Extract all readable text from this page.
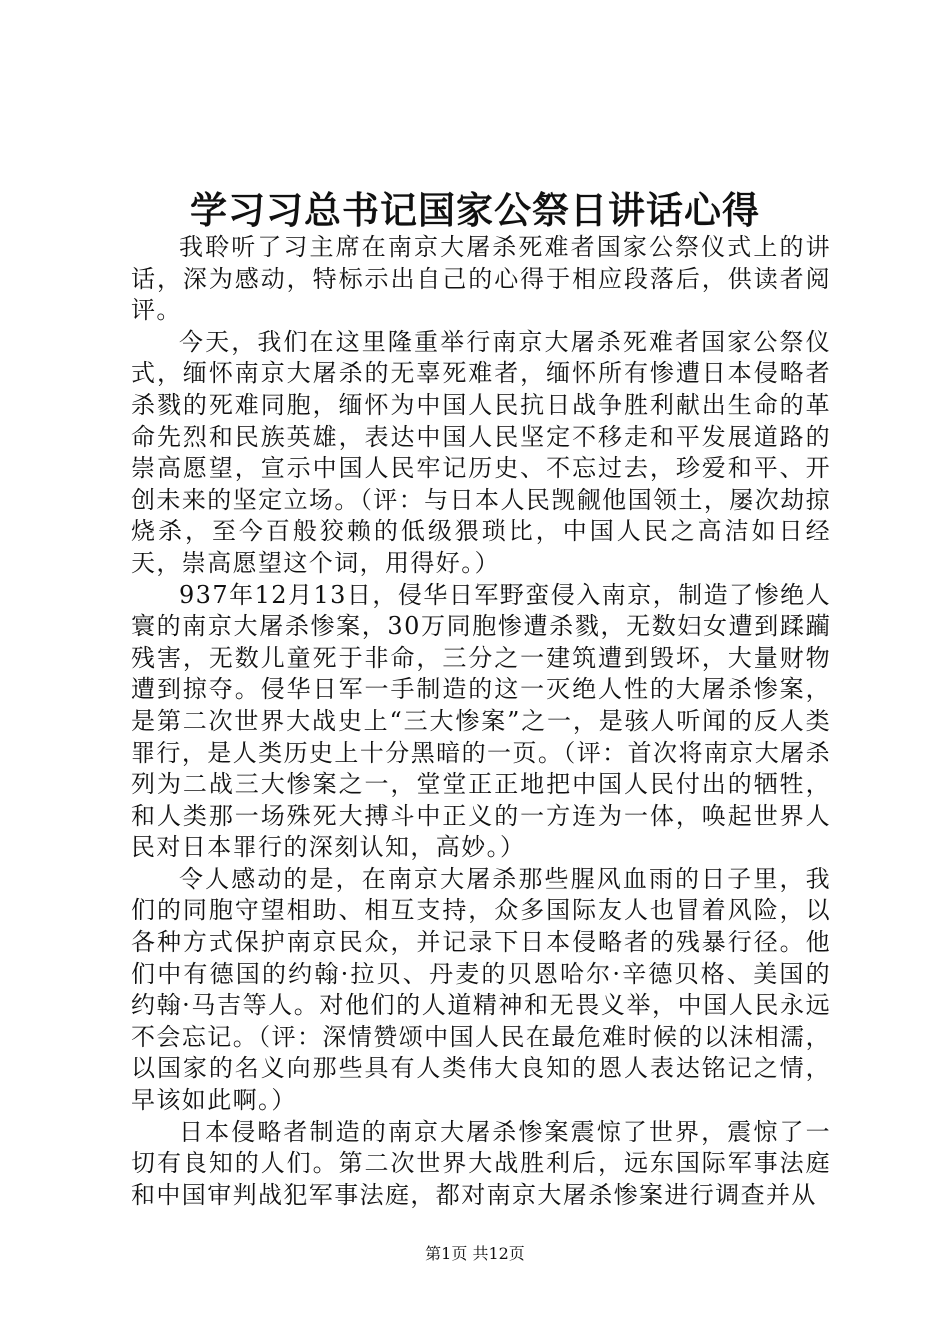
学习习总书记国家公祭日讲话心得

我聆听了习主席在南京大屠杀死难者国家公祭仪式上的讲话，深为感动，特标示出自己的心得于相应段落后，供读者阅评。

今天，我们在这里隆重举行南京大屠杀死难者国家公祭仪式，缅怀南京大屠杀的无辜死难者，缅怀所有惨遭日本侵略者杀戮的死难同胞，缅怀为中国人民抗日战争胜利献出生命的革命先烈和民族英雄，表达中国人民坚定不移走和平发展道路的崇高愿望，宣示中国人民牢记历史、不忘过去，珍爱和平、开创未来的坚定立场。（评：与日本人民觊觎他国领土，屡次劫掠烧杀，至今百般狡赖的低级猥琐比，中国人民之高洁如日经天，崇高愿望这个词，用得好。）

937年12月13日，侵华日军野蛮侵入南京，制造了惨绝人寰的南京大屠杀惨案，30万同胞惨遭杀戮，无数妇女遭到蹂躏残害，无数儿童死于非命，三分之一建筑遭到毁坏，大量财物遭到掠夺。侵华日军一手制造的这一灭绝人性的大屠杀惨案，是第二次世界大战史上“三大惨案”之一，是骇人听闻的反人类罪行，是人类历史上十分黑暗的一页。（评：首次将南京大屠杀列为二战三大惨案之一，堂堂正正地把中国人民付出的牺牲，和人类那一场殊死大搏斗中正义的一方连为一体，唤起世界人民对日本罪行的深刻认知，高妙。）

令人感动的是，在南京大屠杀那些腥风血雨的日子里，我们的同胞守望相助、相互支持，众多国际友人也冒着风险，以各种方式保护南京民众，并记录下日本侵略者的残暴行径。他们中有德国的约翰·拉贝、丹麦的贝恩哈尔·辛德贝格、美国的约翰·马吉等人。对他们的人道精神和无畏义举，中国人民永远不会忘记。（评：深情赞颂中国人民在最危难时候的以沫相濡，以国家的名义向那些具有人类伟大良知的恩人表达铭记之情，早该如此啊。）

日本侵略者制造的南京大屠杀惨案震惊了世界，震惊了一切有良知的人们。第二次世界大战胜利后，远东国际军事法庭和中国审判战犯军事法庭，都对南京大屠杀惨案进行调查并从

第1页 共12页
